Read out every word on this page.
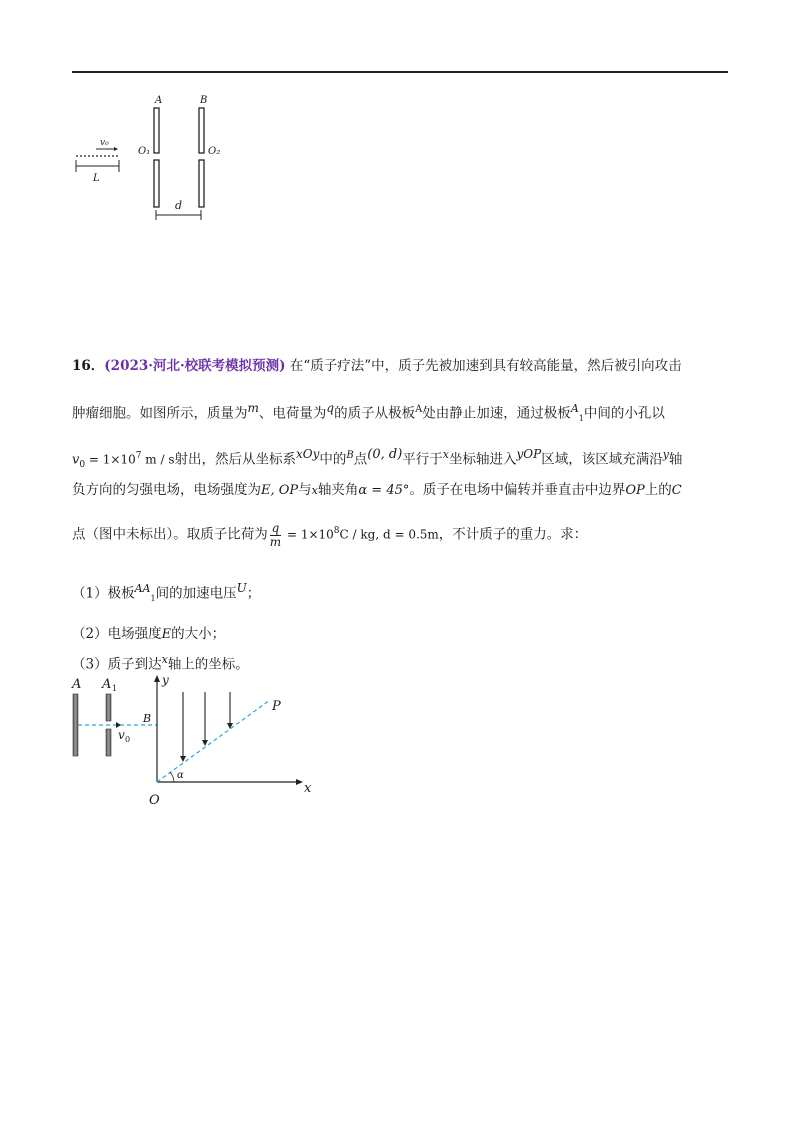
A	B
O₁	O₂
v₀
L
d
16．(2023·河北·校联考模拟预测) 在“质子疗法”中，质子先被加速到具有较高能量，然后被引向攻击
肿瘤细胞。如图所示，质量为m、电荷量为q的质子从极板$^A$处由静止加速，通过极板$^A_1$中间的小孔以
$v_0 = 1\times 10^7$ m / s射出，然后从坐标系xOy中的$^B$点(0, d)平行于$^x$坐标轴进入yOP区域，该区域充满沿$^y$轴
负方向的匀强电场，电场强度为E, OP与x轴夹角α = 45°。质子在电场中偏转并垂直击中边界OP上的C
点（图中未标出）。取质子比荷为 $\frac{q}{m} = 1\times 10^8C$ / kg, d = 0.5m，不计质子的重力。求：
（1）极板$^{AA}_1$间的加速电压U；
（2）电场强度E的大小；
（3）质子到达$^x$轴上的坐标。
A A 1
B
v 0
y
x
O
P
α
